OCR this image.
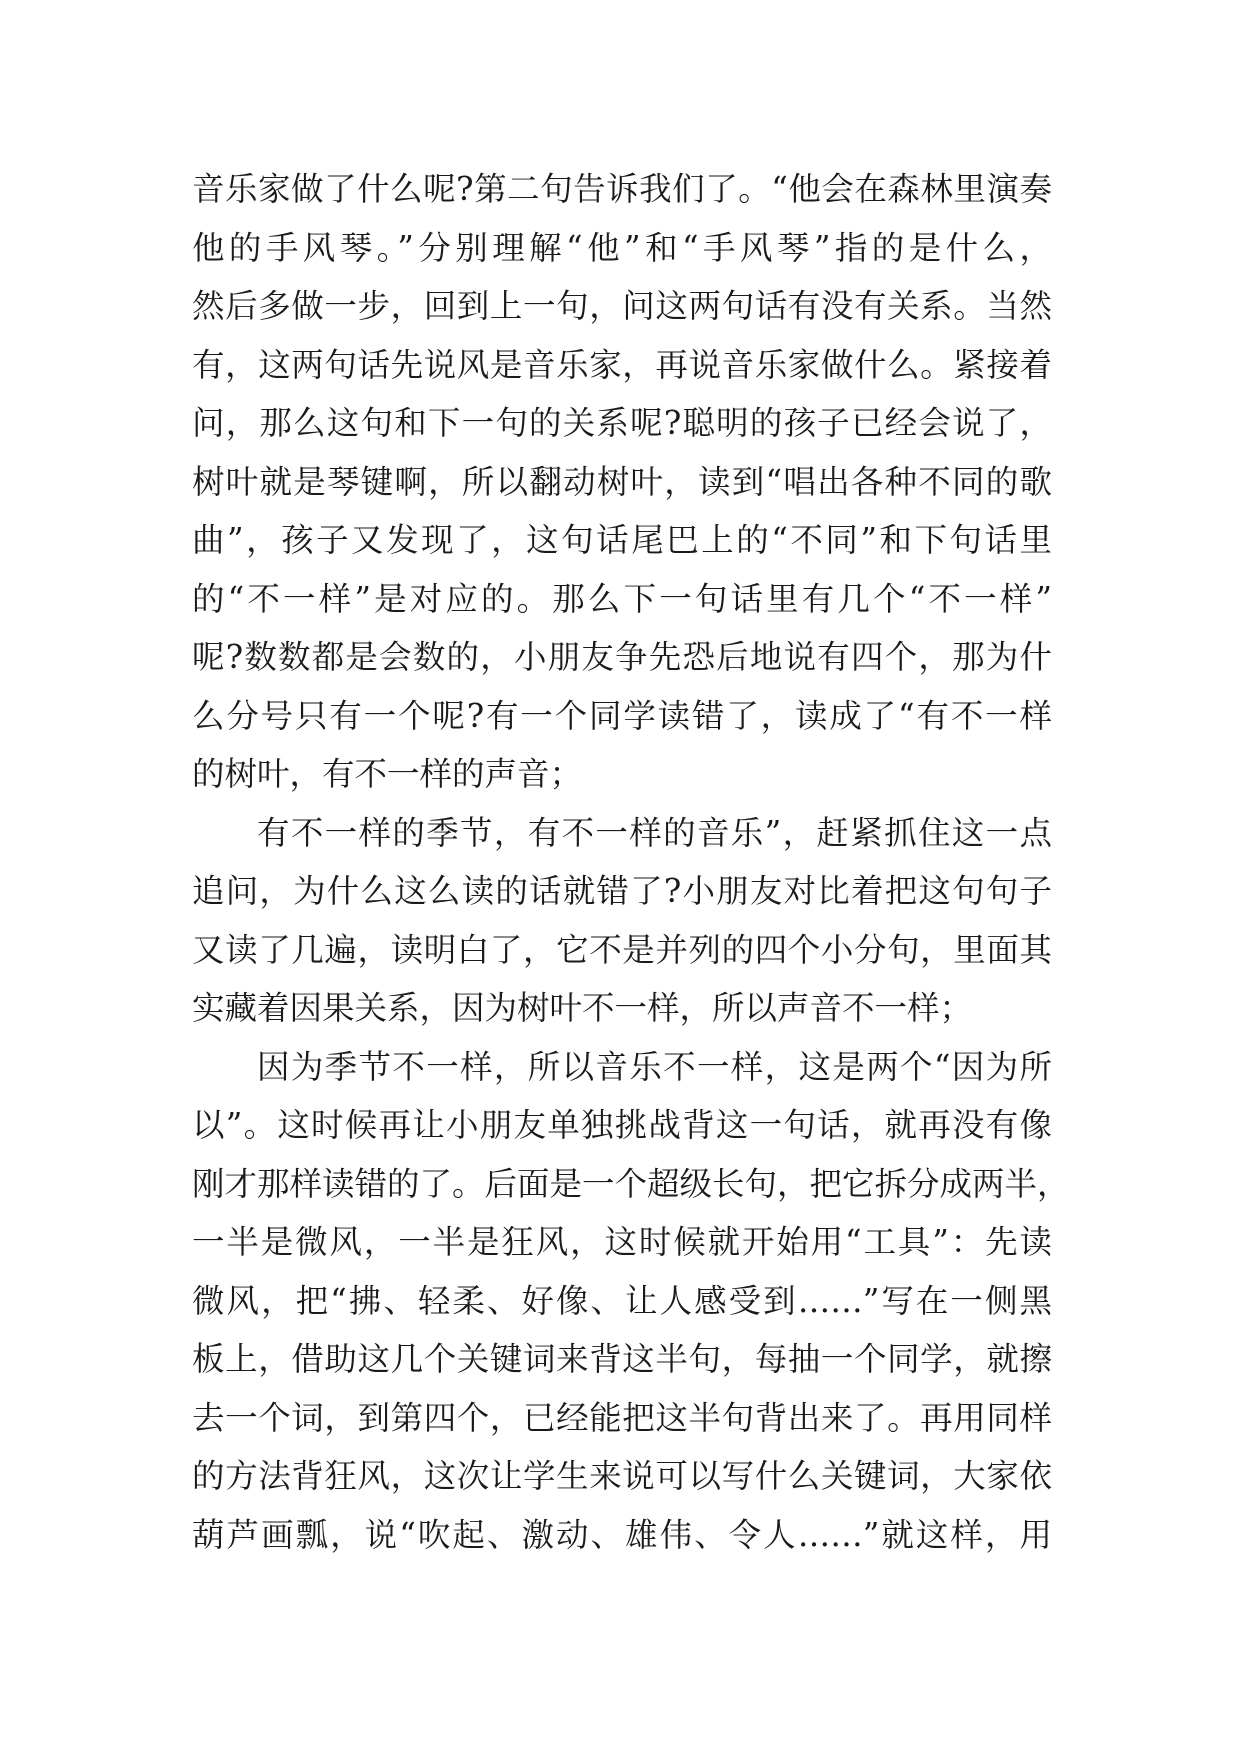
音乐家做了什么呢?第二句告诉我们了。“他会在森林里演奏
他的手风琴。”分别理解“他”和“手风琴”指的是什么，
然后多做一步，回到上一句，问这两句话有没有关系。当然
有，这两句话先说风是音乐家，再说音乐家做什么。紧接着
问，那么这句和下一句的关系呢?聪明的孩子已经会说了，
树叶就是琴键啊，所以翻动树叶，读到“唱出各种不同的歌
曲”，孩子又发现了，这句话尾巴上的“不同”和下句话里
的“不一样”是对应的。那么下一句话里有几个“不一样”
呢?数数都是会数的，小朋友争先恐后地说有四个，那为什
么分号只有一个呢?有一个同学读错了，读成了“有不一样
的树叶，有不一样的声音；
有不一样的季节，有不一样的音乐”，赶紧抓住这一点
追问，为什么这么读的话就错了?小朋友对比着把这句句子
又读了几遍，读明白了，它不是并列的四个小分句，里面其
实藏着因果关系，因为树叶不一样，所以声音不一样；
因为季节不一样，所以音乐不一样，这是两个“因为所
以”。这时候再让小朋友单独挑战背这一句话，就再没有像
刚才那样读错的了。后面是一个超级长句，把它拆分成两半，
一半是微风，一半是狂风，这时候就开始用“工具”：先读
微风，把“拂、轻柔、好像、让人感受到……”写在一侧黑
板上，借助这几个关键词来背这半句，每抽一个同学，就擦
去一个词，到第四个，已经能把这半句背出来了。再用同样
的方法背狂风，这次让学生来说可以写什么关键词，大家依
葫芦画瓢，说“吹起、激动、雄伟、令人……”就这样，用
